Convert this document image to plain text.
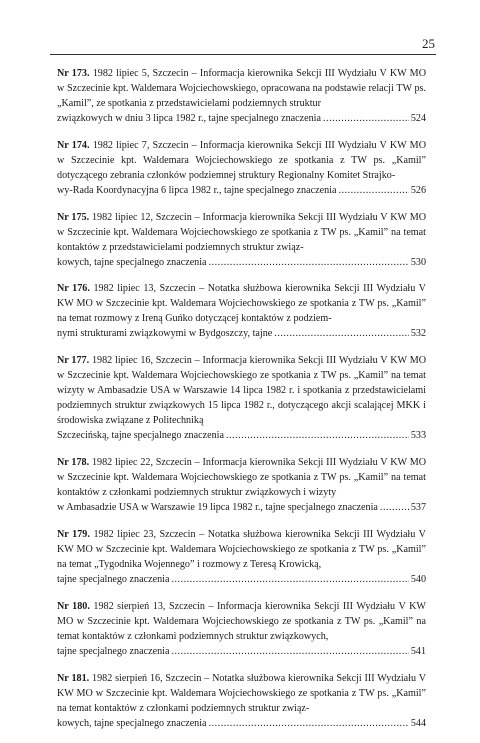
25
Nr 173. 1982 lipiec 5, Szczecin – Informacja kierownika Sekcji III Wydziału V KW MO w Szczecinie kpt. Waldemara Wojciechowskiego, opracowana na podstawie relacji TW ps. „Kamil”, ze spotkania z przedstawicielami podziemnych struktur
związkowych w dniu 3 lipca 1982 r., tajne specjalnego znaczenia .....	524
Nr 174. 1982 lipiec 7, Szczecin – Informacja kierownika Sekcji III Wydziału V KW MO w Szczecinie kpt. Waldemara Wojciechowskiego ze spotkania z TW ps. „Kamil” dotyczącego zebrania członków podziemnej struktury Regionalny Komitet Strajko-
wy-Rada Koordynacyjna 6 lipca 1982 r., tajne specjalnego znaczenia .....	526
Nr 175. 1982 lipiec 12, Szczecin – Informacja kierownika Sekcji III Wydziału V KW MO w Szczecinie kpt. Waldemara Wojciechowskiego ze spotkania z TW ps. „Kamil” na temat kontaktów z przedstawicielami podziemnych struktur związ-
kowych, tajne specjalnego znaczenia .....	530
Nr 176. 1982 lipiec 13, Szczecin – Notatka służbowa kierownika Sekcji III Wydziału V KW MO w Szczecinie kpt. Waldemara Wojciechowskiego ze spotkania z TW ps. „Kamil” na temat rozmowy z Ireną Guńko dotyczącej kontaktów z podziem-
nymi strukturami związkowymi w Bydgoszczy, tajne .....	532
Nr 177. 1982 lipiec 16, Szczecin – Informacja kierownika Sekcji III Wydziału V KW MO w Szczecinie kpt. Waldemara Wojciechowskiego ze spotkania z TW ps. „Kamil” na temat wizyty w Ambasadzie USA w Warszawie 14 lipca 1982 r. i spotkania z przedstawicielami podziemnych struktur związkowych 15 lipca 1982 r., dotyczącego akcji scalającej MKK i środowiska związane z Politechniką
Szczecińską, tajne specjalnego znaczenia .....	533
Nr 178. 1982 lipiec 22, Szczecin – Informacja kierownika Sekcji III Wydziału V KW MO w Szczecinie kpt. Waldemara Wojciechowskiego ze spotkania z TW ps. „Kamil” na temat kontaktów z członkami podziemnych struktur związkowych i wizyty
w Ambasadzie USA w Warszawie 19 lipca 1982 r., tajne specjalnego znaczenia .....	537
Nr 179. 1982 lipiec 23, Szczecin – Notatka służbowa kierownika Sekcji III Wydziału V KW MO w Szczecinie kpt. Waldemara Wojciechowskiego ze spotkania z TW ps. „Kamil” na temat „Tygodnika Wojennego” i rozmowy z Teresą Krowicką,
tajne specjalnego znaczenia .....	540
Nr 180. 1982 sierpień 13, Szczecin – Informacja kierownika Sekcji III Wydziału V KW MO w Szczecinie kpt. Waldemara Wojciechowskiego ze spotkania z TW ps. „Kamil” na temat kontaktów z członkami podziemnych struktur związkowych,
tajne specjalnego znaczenia .....	541
Nr 181. 1982 sierpień 16, Szczecin – Notatka służbowa kierownika Sekcji III Wydziału V KW MO w Szczecinie kpt. Waldemara Wojciechowskiego ze spotkania z TW ps. „Kamil” na temat kontaktów z członkami podziemnych struktur związ-
kowych, tajne specjalnego znaczenia .....	544
